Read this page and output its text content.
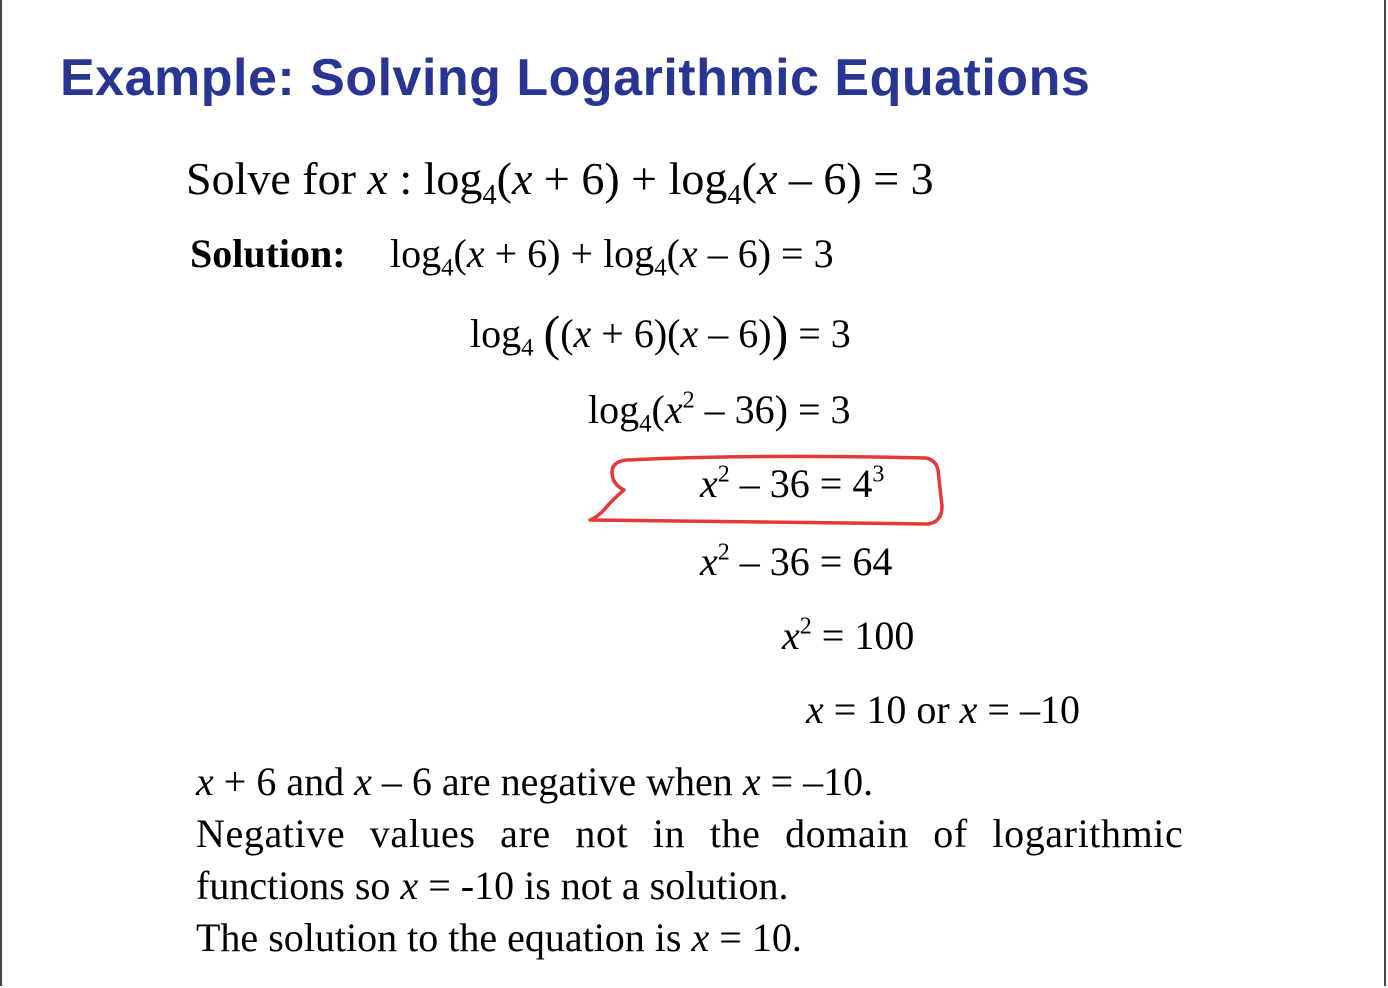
Example: Solving Logarithmic Equations
Solve for x : $\log_4(x + 6) + \log_4(x - 6) = 3$
Solution: $\log_4(x + 6) + \log_4(x - 6) = 3$
$\log_4 ((x + 6)(x - 6)) = 3$
$\log_4(x^2 - 36) = 3$
$x^2 - 36 = 4^3$
$x^2 - 36 = 64$
$x^2 = 100$
x = 10 or x = –10
x + 6 and x – 6 are negative when x = –10.
Negative values are not in the domain of logarithmic
functions so x = -10 is not a solution.
The solution to the equation is x = 10.
